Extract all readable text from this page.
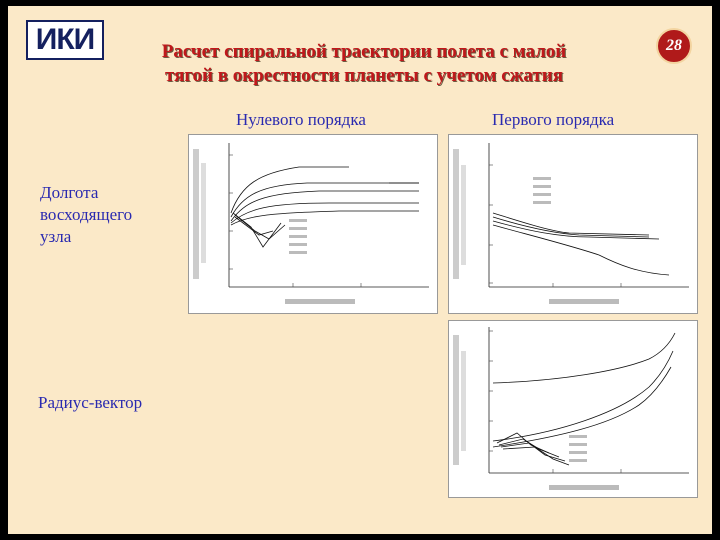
ИКИ	Расчет спиральной траектории полета с малой
тягой в окрестности планеты с учетом сжатия
28
Нулевого порядка	Первого порядка
Долгота
восходящего
узла
Радиус-вектор
